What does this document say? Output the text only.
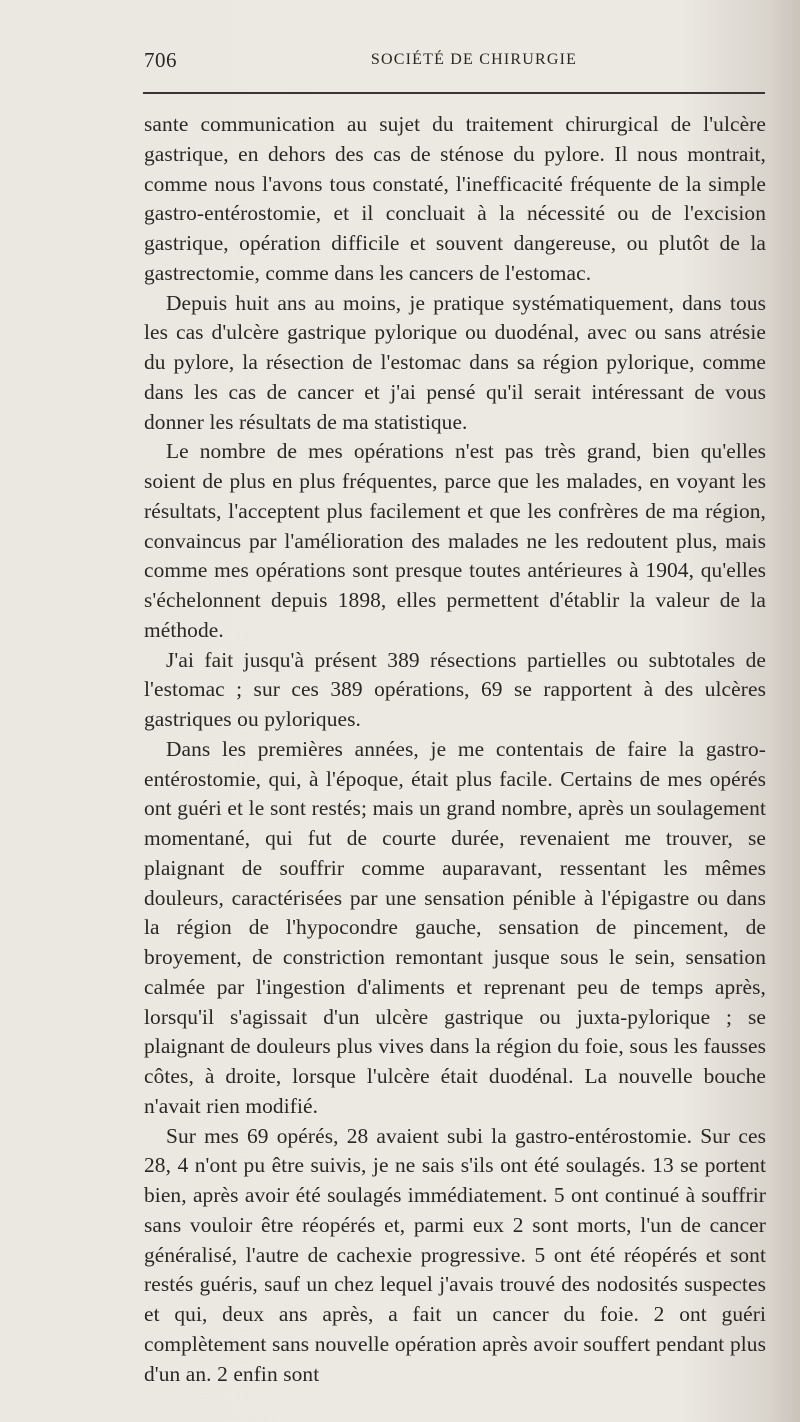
706	SOCIÉTÉ DE CHIRURGIE

sante communication au sujet du traitement chirurgical de l'ulcère gastrique, en dehors des cas de sténose du pylore. Il nous montrait, comme nous l'avons tous constaté, l'inefficacité fréquente de la simple gastro-entérostomie, et il concluait à la nécessité ou de l'excision gastrique, opération difficile et souvent dangereuse, ou plutôt de la gastrectomie, comme dans les cancers de l'estomac.

Depuis huit ans au moins, je pratique systématiquement, dans tous les cas d'ulcère gastrique pylorique ou duodénal, avec ou sans atrésie du pylore, la résection de l'estomac dans sa région pylorique, comme dans les cas de cancer et j'ai pensé qu'il serait intéressant de vous donner les résultats de ma statistique.

Le nombre de mes opérations n'est pas très grand, bien qu'elles soient de plus en plus fréquentes, parce que les malades, en voyant les résultats, l'acceptent plus facilement et que les confrères de ma région, convaincus par l'amélioration des malades ne les redoutent plus, mais comme mes opérations sont presque toutes antérieures à 1904, qu'elles s'échelonnent depuis 1898, elles permettent d'établir la valeur de la méthode.

J'ai fait jusqu'à présent 389 résections partielles ou subtotales de l'estomac ; sur ces 389 opérations, 69 se rapportent à des ulcères gastriques ou pyloriques.

Dans les premières années, je me contentais de faire la gastro-entérostomie, qui, à l'époque, était plus facile. Certains de mes opérés ont guéri et le sont restés; mais un grand nombre, après un soulagement momentané, qui fut de courte durée, revenaient me trouver, se plaignant de souffrir comme auparavant, ressentant les mêmes douleurs, caractérisées par une sensation pénible à l'épigastre ou dans la région de l'hypocondre gauche, sensation de pincement, de broyement, de constriction remontant jusque sous le sein, sensation calmée par l'ingestion d'aliments et reprenant peu de temps après, lorsqu'il s'agissait d'un ulcère gastrique ou juxta-pylorique ; se plaignant de douleurs plus vives dans la région du foie, sous les fausses côtes, à droite, lorsque l'ulcère était duodénal. La nouvelle bouche n'avait rien modifié.

Sur mes 69 opérés, 28 avaient subi la gastro-entérostomie. Sur ces 28, 4 n'ont pu être suivis, je ne sais s'ils ont été soulagés. 13 se portent bien, après avoir été soulagés immédiatement. 5 ont continué à souffrir sans vouloir être réopérés et, parmi eux 2 sont morts, l'un de cancer généralisé, l'autre de cachexie progressive. 5 ont été réopérés et sont restés guéris, sauf un chez lequel j'avais trouvé des nodosités suspectes et qui, deux ans après, a fait un cancer du foie. 2 ont guéri complètement sans nouvelle opération après avoir souffert pendant plus d'un an. 2 enfin sont
